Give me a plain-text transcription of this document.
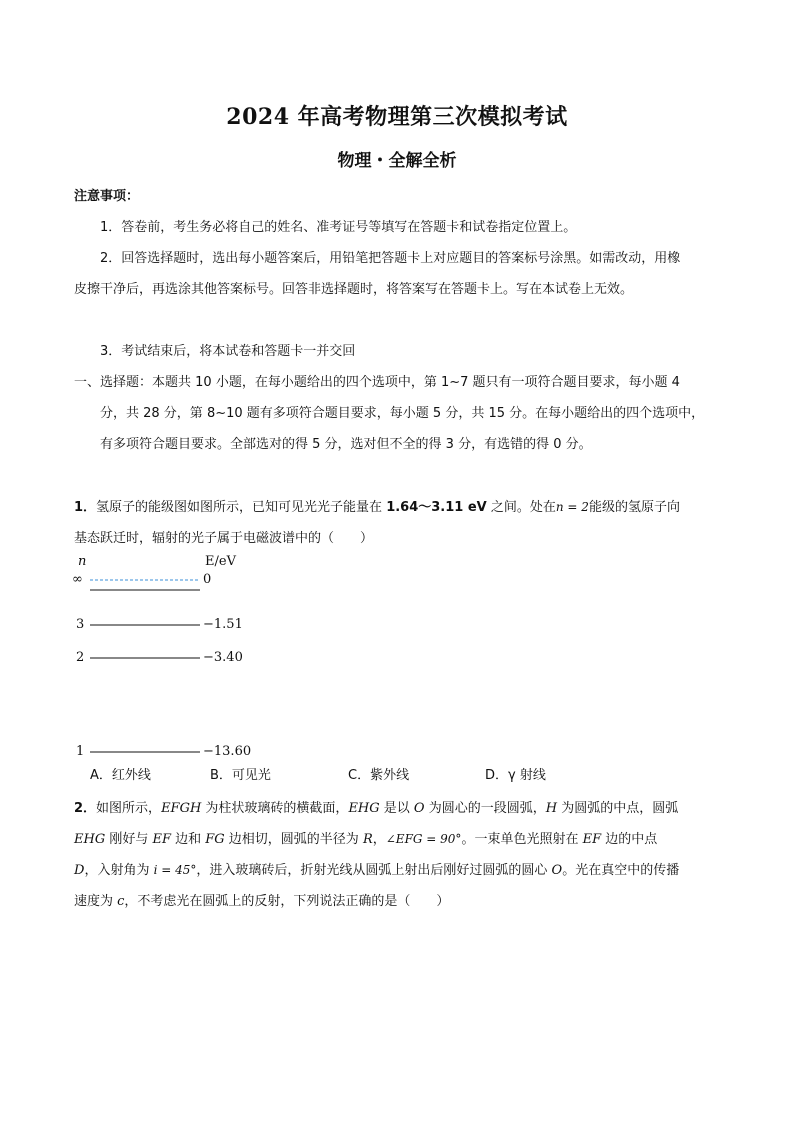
2024 年高考物理第三次模拟考试
物理・全解全析
注意事项：
1．答卷前，考生务必将自己的姓名、准考证号等填写在答题卡和试卷指定位置上。
2．回答选择题时，选出每小题答案后，用铅笔把答题卡上对应题目的答案标号涂黑。如需改动，用橡皮擦干净后，再选涂其他答案标号。回答非选择题时，将答案写在答题卡上。写在本试卷上无效。
3．考试结束后，将本试卷和答题卡一并交回
一、选择题：本题共 10 小题，在每小题给出的四个选项中，第 1~7 题只有一项符合题目要求，每小题 4 分，共 28 分，第 8~10 题有多项符合题目要求，每小题 5 分，共 15 分。在每小题给出的四个选项中，有多项符合题目要求。全部选对的得 5 分，选对但不全的得 3 分，有选错的得 0 分。
1．氢原子的能级图如图所示，已知可见光光子能量在 1.64～3.11 eV 之间。处在n = 2能级的氢原子向基态跃迁时，辐射的光子属于电磁波谱中的（　　）
n	E/eV
∞	0
3	−1.51
2	−3.40
1	−13.60
A．红外线	B．可见光	C．紫外线	D．γ 射线
2．如图所示，EFGH 为柱状玻璃砖的横截面，EHG 是以 O 为圆心的一段圆弧，H 为圆弧的中点，圆弧 EHG 刚好与 EF 边和 FG 边相切，圆弧的半径为 R，∠EFG = 90°。一束单色光照射在 EF 边的中点 D，入射角为 i = 45°，进入玻璃砖后，折射光线从圆弧上射出后刚好过圆弧的圆心 O。光在真空中的传播速度为 c，不考虑光在圆弧上的反射，下列说法正确的是（　　）
